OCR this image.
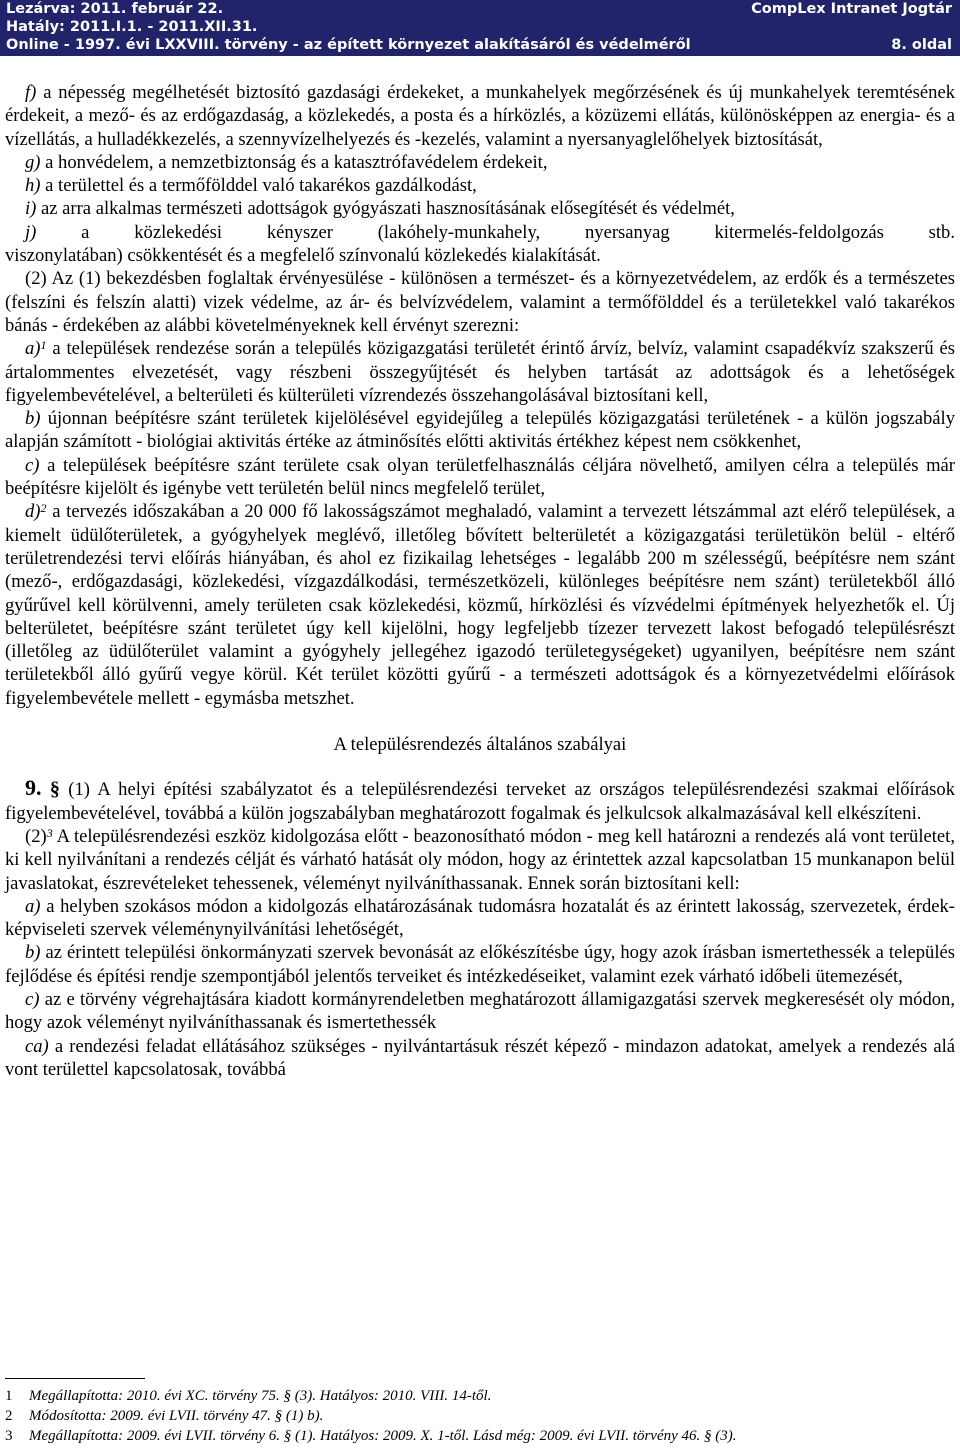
Lezárva: 2011. február 22.
Hatály: 2011.I.1. - 2011.XII.31.
Online - 1997. évi LXXVIII. törvény - az épített környezet alakításáról és védelméről
CompLex Intranet Jogtár
8. oldal

f) a népesség megélhetését biztosító gazdasági érdekeket, a munkahelyek megőrzésének és új munkahelyek teremtésének érdekeit, a mező- és az erdőgazdaság, a közlekedés, a posta és a hírközlés, a közüzemi ellátás, különösképpen az energia- és a vízellátás, a hulladékkezelés, a szennyvízelhelyezés és -kezelés, valamint a nyersanyaglelőhelyek biztosítását,

g) a honvédelem, a nemzetbiztonság és a katasztrófavédelem érdekeit,

h) a területtel és a termőfölddel való takarékos gazdálkodást,

i) az arra alkalmas természeti adottságok gyógyászati hasznosításának elősegítését és védelmét,

j) a közlekedési kényszer (lakóhely-munkahely, nyersanyag kitermelés-feldolgozás stb.

viszonylatában) csökkentését és a megfelelő színvonalú közlekedés kialakítását.

(2) Az (1) bekezdésben foglaltak érvényesülése - különösen a természet- és a környezetvédelem, az erdők és a természetes (felszíni és felszín alatti) vizek védelme, az ár- és belvízvédelem, valamint a termőfölddel és a területekkel való takarékos bánás - érdekében az alábbi követelményeknek kell érvényt szerezni:

a)$^1$ a települések rendezése során a település közigazgatási területét érintő árvíz, belvíz, valamint csapadékvíz szakszerű és ártalommentes elvezetését, vagy részbeni összegyűjtését és helyben tartását az adottságok és a lehetőségek figyelembevételével, a belterületi és külterületi vízrendezés összehangolásával biztosítani kell,

b) újonnan beépítésre szánt területek kijelölésével egyidejűleg a település közigazgatási területének - a külön jogszabály alapján számított - biológiai aktivitás értéke az átminősítés előtti aktivitás értékhez képest nem csökkenhet,

c) a települések beépítésre szánt területe csak olyan területfelhasználás céljára növelhető, amilyen célra a település már beépítésre kijelölt és igénybe vett területén belül nincs megfelelő terület,

d)$^2$ a tervezés időszakában a 20 000 fő lakosságszámot meghaladó, valamint a tervezett létszámmal azt elérő települések, a kiemelt üdülőterületek, a gyógyhelyek meglévő, illetőleg bővített belterületét a közigazgatási területükön belül - eltérő területrendezési tervi előírás hiányában, és ahol ez fizikailag lehetséges - legalább 200 m szélességű, beépítésre nem szánt (mező-, erdőgazdasági, közlekedési, vízgazdálkodási, természetközeli, különleges beépítésre nem szánt) területekből álló gyűrűvel kell körülvenni, amely területen csak közlekedési, közmű, hírközlési és vízvédelmi építmények helyezhetők el. Új belterületet, beépítésre szánt területet úgy kell kijelölni, hogy legfeljebb tízezer tervezett lakost befogadó településrészt (illetőleg az üdülőterület valamint a gyógyhely jellegéhez igazodó területegységeket) ugyanilyen, beépítésre nem szánt területekből álló gyűrű vegye körül. Két terület közötti gyűrű - a természeti adottságok és a környezetvédelmi előírások figyelembevétele mellett - egymásba metszhet.

A településrendezés általános szabályai

9. § (1) A helyi építési szabályzatot és a településrendezési terveket az országos településrendezési szakmai előírások figyelembevételével, továbbá a külön jogszabályban meghatározott fogalmak és jelkulcsok alkalmazásával kell elkészíteni.

$(2)^3$ A településrendezési eszköz kidolgozása előtt - beazonosítható módon - meg kell határozni a rendezés alá vont területet, ki kell nyilvánítani a rendezés célját és várható hatását oly módon, hogy az érintettek azzal kapcsolatban 15 munkanapon belül javaslatokat, észrevételeket tehessenek, véleményt nyilváníthassanak. Ennek során biztosítani kell:

a) a helyben szokásos módon a kidolgozás elhatározásának tudomásra hozatalát és az érintett lakosság, szervezetek, érdek-képviseleti szervek véleménynyilvánítási lehetőségét,

b) az érintett települési önkormányzati szervek bevonását az előkészítésbe úgy, hogy azok írásban ismertethessék a település fejlődése és építési rendje szempontjából jelentős terveiket és intézkedéseiket, valamint ezek várható időbeli ütemezését,

c) az e törvény végrehajtására kiadott kormányrendeletben meghatározott államigazgatási szervek megkeresését oly módon, hogy azok véleményt nyilváníthassanak és ismertethessék

ca) a rendezési feladat ellátásához szükséges - nyilvántartásuk részét képező - mindazon adatokat, amelyek a rendezés alá vont területtel kapcsolatosak, továbbá

1	Megállapította: 2010. évi XC. törvény 75. § (3). Hatályos: 2010. VIII. 14-től.
2	Módosította: 2009. évi LVII. törvény 47. § (1) b).
3	Megállapította: 2009. évi LVII. törvény 6. § (1). Hatályos: 2009. X. 1-től. Lásd még: 2009. évi LVII. törvény 46. § (3).
